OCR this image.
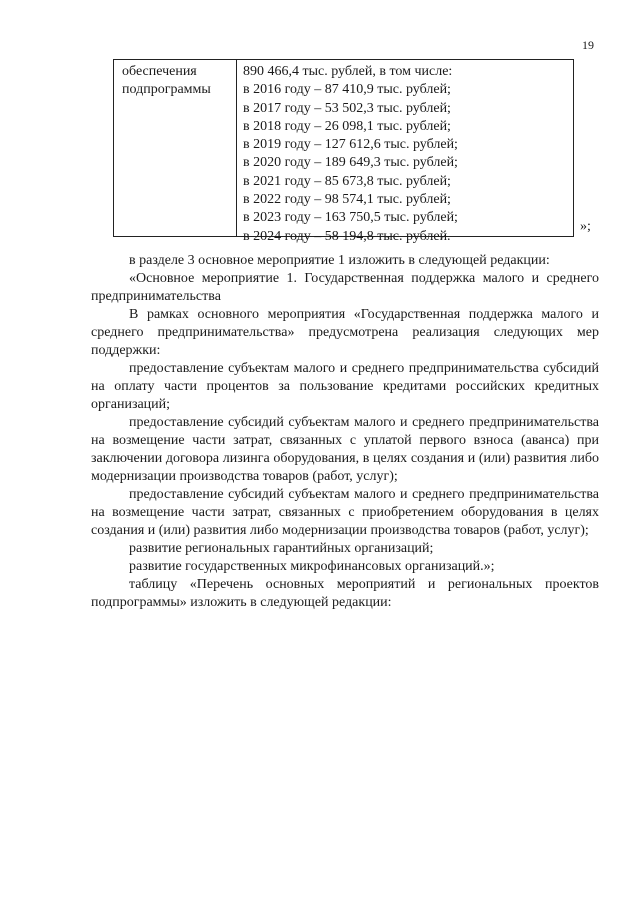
19
обеспечения
подпрограммы
890 466,4 тыс. рублей, в том числе:
в 2016 году – 87 410,9 тыс. рублей;
в 2017 году – 53 502,3 тыс. рублей;
в 2018 году – 26 098,1 тыс. рублей;
в 2019 году – 127 612,6 тыс. рублей;
в 2020 году – 189 649,3 тыс. рублей;
в 2021 году – 85 673,8 тыс. рублей;
в 2022 году – 98 574,1 тыс. рублей;
в 2023 году – 163 750,5 тыс. рублей;
в 2024 году – 58 194,8 тыс. рублей.
»;

в разделе 3 основное мероприятие 1 изложить в следующей редакции:

«Основное мероприятие 1. Государственная поддержка малого и среднего предпринимательства

В рамках основного мероприятия «Государственная поддержка малого и среднего предпринимательства» предусмотрена реализация следующих мер поддержки:

предоставление субъектам малого и среднего предпринимательства субсидий на оплату части процентов за пользование кредитами российских кредитных организаций;

предоставление субсидий субъектам малого и среднего предпринимательства на возмещение части затрат, связанных с уплатой первого взноса (аванса) при заключении договора лизинга оборудования, в целях создания и (или) развития либо модернизации производства товаров (работ, услуг);

предоставление субсидий субъектам малого и среднего предпринимательства на возмещение части затрат, связанных с приобретением оборудования в целях создания и (или) развития либо модернизации производства товаров (работ, услуг);

развитие региональных гарантийных организаций;

развитие государственных микрофинансовых организаций.»;

таблицу «Перечень основных мероприятий и региональных проектов подпрограммы» изложить в следующей редакции:
